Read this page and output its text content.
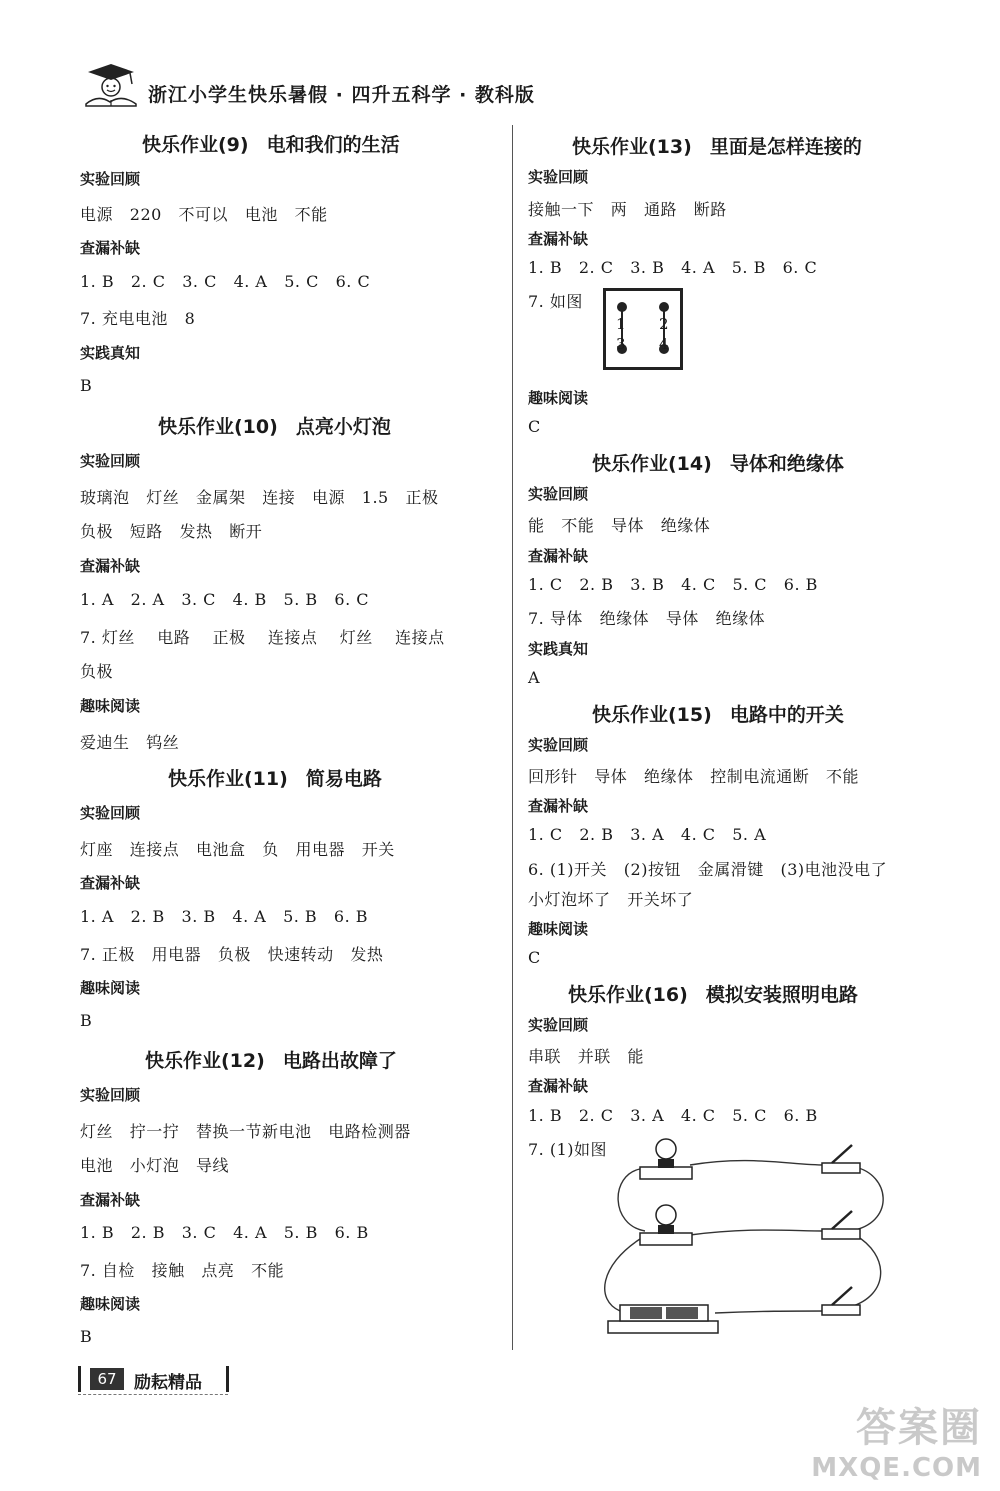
浙江小学生快乐暑假 · 四升五科学 · 教科版
快乐作业(9) 电和我们的生活
实验回顾
电源   220   不可以   电池   不能
查漏补缺
1. B   2. C   3. C   4. A   5. C   6. C
7. 充电电池   8
实践真知
B
快乐作业(10) 点亮小灯泡
实验回顾
玻璃泡   灯丝   金属架   连接   电源   1.5   正极
负极   短路   发热   断开
查漏补缺
1. A   2. A   3. C   4. B   5. B   6. C
7. 灯丝    电路    正极    连接点    灯丝    连接点
负极
趣味阅读
爱迪生   钨丝
快乐作业(11) 简易电路
实验回顾
灯座   连接点   电池盒   负   用电器   开关
查漏补缺
1. A   2. B   3. B   4. A   5. B   6. B
7. 正极   用电器   负极   快速转动   发热
趣味阅读
B
快乐作业(12) 电路出故障了
实验回顾
灯丝   拧一拧   替换一节新电池   电路检测器
电池   小灯泡   导线
查漏补缺
1. B   2. B   3. C   4. A   5. B   6. B
7. 自检   接触   点亮   不能
趣味阅读
B
快乐作业(13) 里面是怎样连接的
实验回顾
接触一下   两   通路   断路
查漏补缺
1. B   2. C   3. B   4. A   5. B   6. C
7. 如图
1 2
3 4
趣味阅读
C
快乐作业(14) 导体和绝缘体
实验回顾
能   不能   导体   绝缘体
查漏补缺
1. C   2. B   3. B   4. C   5. C   6. B
7. 导体   绝缘体   导体   绝缘体
实践真知
A
快乐作业(15) 电路中的开关
实验回顾
回形针   导体   绝缘体   控制电流通断   不能
查漏补缺
1. C   2. B   3. A   4. C   5. A
6. (1)开关   (2)按钮   金属滑键   (3)电池没电了
小灯泡坏了   开关坏了
趣味阅读
C
快乐作业(16) 模拟安装照明电路
实验回顾
串联   并联   能
查漏补缺
1. B   2. C   3. A   4. C   5. C   6. B
7. (1)如图
67	励耘精品
答案圈
MXQE.COM
